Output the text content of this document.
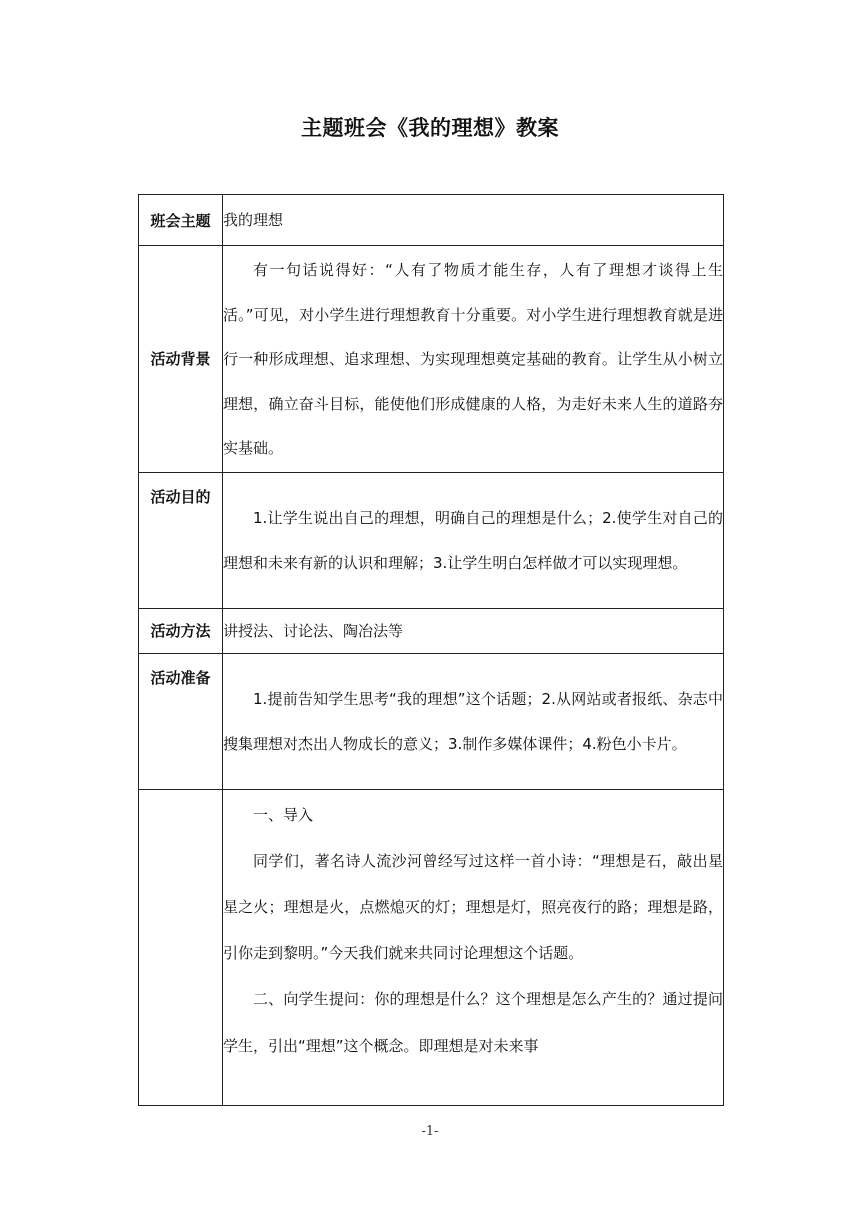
主题班会《我的理想》教案
班会主题	我的理想
活动背景	有一句话说得好：“人有了物质才能生存，人有了理想才谈得上生活。”可见，对小学生进行理想教育十分重要。对小学生进行理想教育就是进行一种形成理想、追求理想、为实现理想奠定基础的教育。让学生从小树立理想，确立奋斗目标，能使他们形成健康的人格，为走好未来人生的道路夯实基础。

活动目的	1.让学生说出自己的理想，明确自己的理想是什么；2.使学生对自己的理想和未来有新的认识和理解；3.让学生明白怎样做才可以实现理想。

活动方法	讲授法、讨论法、陶冶法等
活动准备	1.提前告知学生思考“我的理想”这个话题；2.从网站或者报纸、杂志中搜集理想对杰出人物成长的意义；3.制作多媒体课件；4.粉色小卡片。

	一、导入

同学们，著名诗人流沙河曾经写过这样一首小诗：“理想是石，敲出星星之火；理想是火，点燃熄灭的灯；理想是灯，照亮夜行的路；理想是路，引你走到黎明。”今天我们就来共同讨论理想这个话题。

二、向学生提问：你的理想是什么？这个理想是怎么产生的？通过提问学生，引出“理想”这个概念。即理想是对未来事

-1-
